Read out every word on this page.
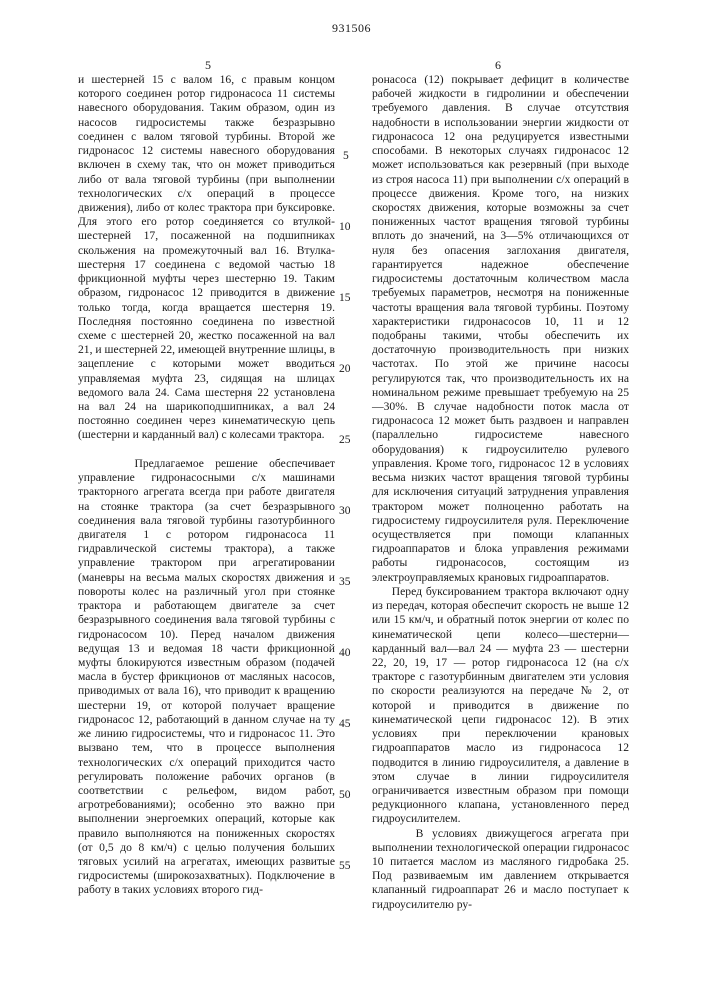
931506
5	6
и шестерней 15 с валом 16, с правым концом которого соединен ротор гидронасоса 11 системы навесного оборудования. Таким образом, один из насосов гидросистемы также безразрывно соединен с валом тяговой турбины. Второй же гидронасос 12 системы навесного оборудования включен в схему так, что он может приводиться либо от вала тяговой турбины (при выполнении технологических с/х операций в процессе движения), либо от колес трактора при буксировке. Для этого его ротор соединяется со втулкой-шестерней 17, посаженной на подшипниках скольжения на промежуточный вал 16. Втулка-шестерня 17 соединена с ведомой частью 18 фрикционной муфты через шестерню 19. Таким образом, гидронасос 12 приводится в движение только тогда, когда вращается шестерня 19. Последняя постоянно соединена по известной схеме с шестерней 20, жестко посаженной на вал 21, и шестерней 22, имеющей внутренние шлицы, в зацепление с которыми может вводиться управляемая муфта 23, сидящая на шлицах ведомого вала 24. Сама шестерня 22 установлена на вал 24 на шарикоподшипниках, а вал 24 постоянно соединен через кинематическую цепь (шестерни и карданный вал) с колесами трактора.

Предлагаемое решение обеспечивает управление гидронасосными с/х машинами тракторного агрегата всегда при работе двигателя на стоянке трактора (за счет безразрывного соединения вала тяговой турбины газотурбинного двигателя 1 с ротором гидронасоса 11 гидравлической системы трактора), а также управление трактором при агрегатировании (маневры на весьма малых скоростях движения и повороты колес на различный угол при стоянке трактора и работающем двигателе за счет безразрывного соединения вала тяговой турбины с гидронасосом 10). Перед началом движения ведущая 13 и ведомая 18 части фрикционной муфты блокируются известным образом (подачей масла в бустер фрикционов от масляных насосов, приводимых от вала 16), что приводит к вращению шестерни 19, от которой получает вращение гидронасос 12, работающий в данном случае на ту же линию гидросистемы, что и гидронасос 11. Это вызвано тем, что в процессе выполнения технологических с/х операций приходится часто регулировать положение рабочих органов (в соответствии с рельефом, видом работ, агротребованиями); особенно это важно при выполнении энергоемких операций, которые как правило выполняются на пониженных скоростях (от 0,5 до 8 км/ч) с целью получения больших тяговых усилий на агрегатах, имеющих развитые гидросистемы (широкозахватных). Подключение в работу в таких условиях второго гид-
ронасоса (12) покрывает дефицит в количестве рабочей жидкости в гидролинии и обеспечении требуемого давления. В случае отсутствия надобности в использовании энергии жидкости от гидронасоса 12 она редуцируется известными способами. В некоторых случаях гидронасос 12 может использоваться как резервный (при выходе из строя насоса 11) при выполнении с/х операций в процессе движения. Кроме того, на низких скоростях движения, которые возможны за счет пониженных частот вращения тяговой турбины вплоть до значений, на 3—5% отличающихся от нуля без опасения заглохания двигателя, гарантируется надежное обеспечение гидросистемы достаточным количеством масла требуемых параметров, несмотря на пониженные частоты вращения вала тяговой турбины. Поэтому характеристики гидронасосов 10, 11 и 12 подобраны такими, чтобы обеспечить их достаточную производительность при низких частотах. По этой же причине насосы регулируются так, что производительность их на номинальном режиме превышает требуемую на 25—30%. В случае надобности поток масла от гидронасоса 12 может быть раздвоен и направлен (параллельно гидросистеме навесного оборудования) к гидроусилителю рулевого управления. Кроме того, гидронасос 12 в условиях весьма низких частот вращения тяговой турбины для исключения ситуаций затруднения управления трактором может полноценно работать на гидросистему гидроусилителя руля. Переключение осуществляется при помощи клапанных гидроаппаратов и блока управления режимами работы гидронасосов, состоящим из электроуправляемых крановых гидроаппаратов.
Перед буксированием трактора включают одну из передач, которая обеспечит скорость не выше 12 или 15 км/ч, и обратный поток энергии от колес по кинематической цепи колесо—шестерни—карданный вал—вал 24 — муфта 23 — шестерни 22, 20, 19, 17 — ротор гидронасоса 12 (на с/х тракторе с газотурбинным двигателем эти условия по скорости реализуются на передаче № 2, от которой и приводится в движение по кинематической цепи гидронасос 12). В этих условиях при переключении крановых гидроаппаратов масло из гидронасоса 12 подводится в линию гидроусилителя, а давление в этом случае в линии гидроусилителя ограничивается известным образом при помощи редукционного клапана, установленного перед гидроусилителем.
В условиях движущегося агрегата при выполнении технологической операции гидронасос 10 питается маслом из масляного гидробака 25. Под развиваемым им давлением открывается клапанный гидроаппарат 26 и масло поступает к гидроусилителю ру-
5
10
15
20
25
30
35
40
45
50
55
